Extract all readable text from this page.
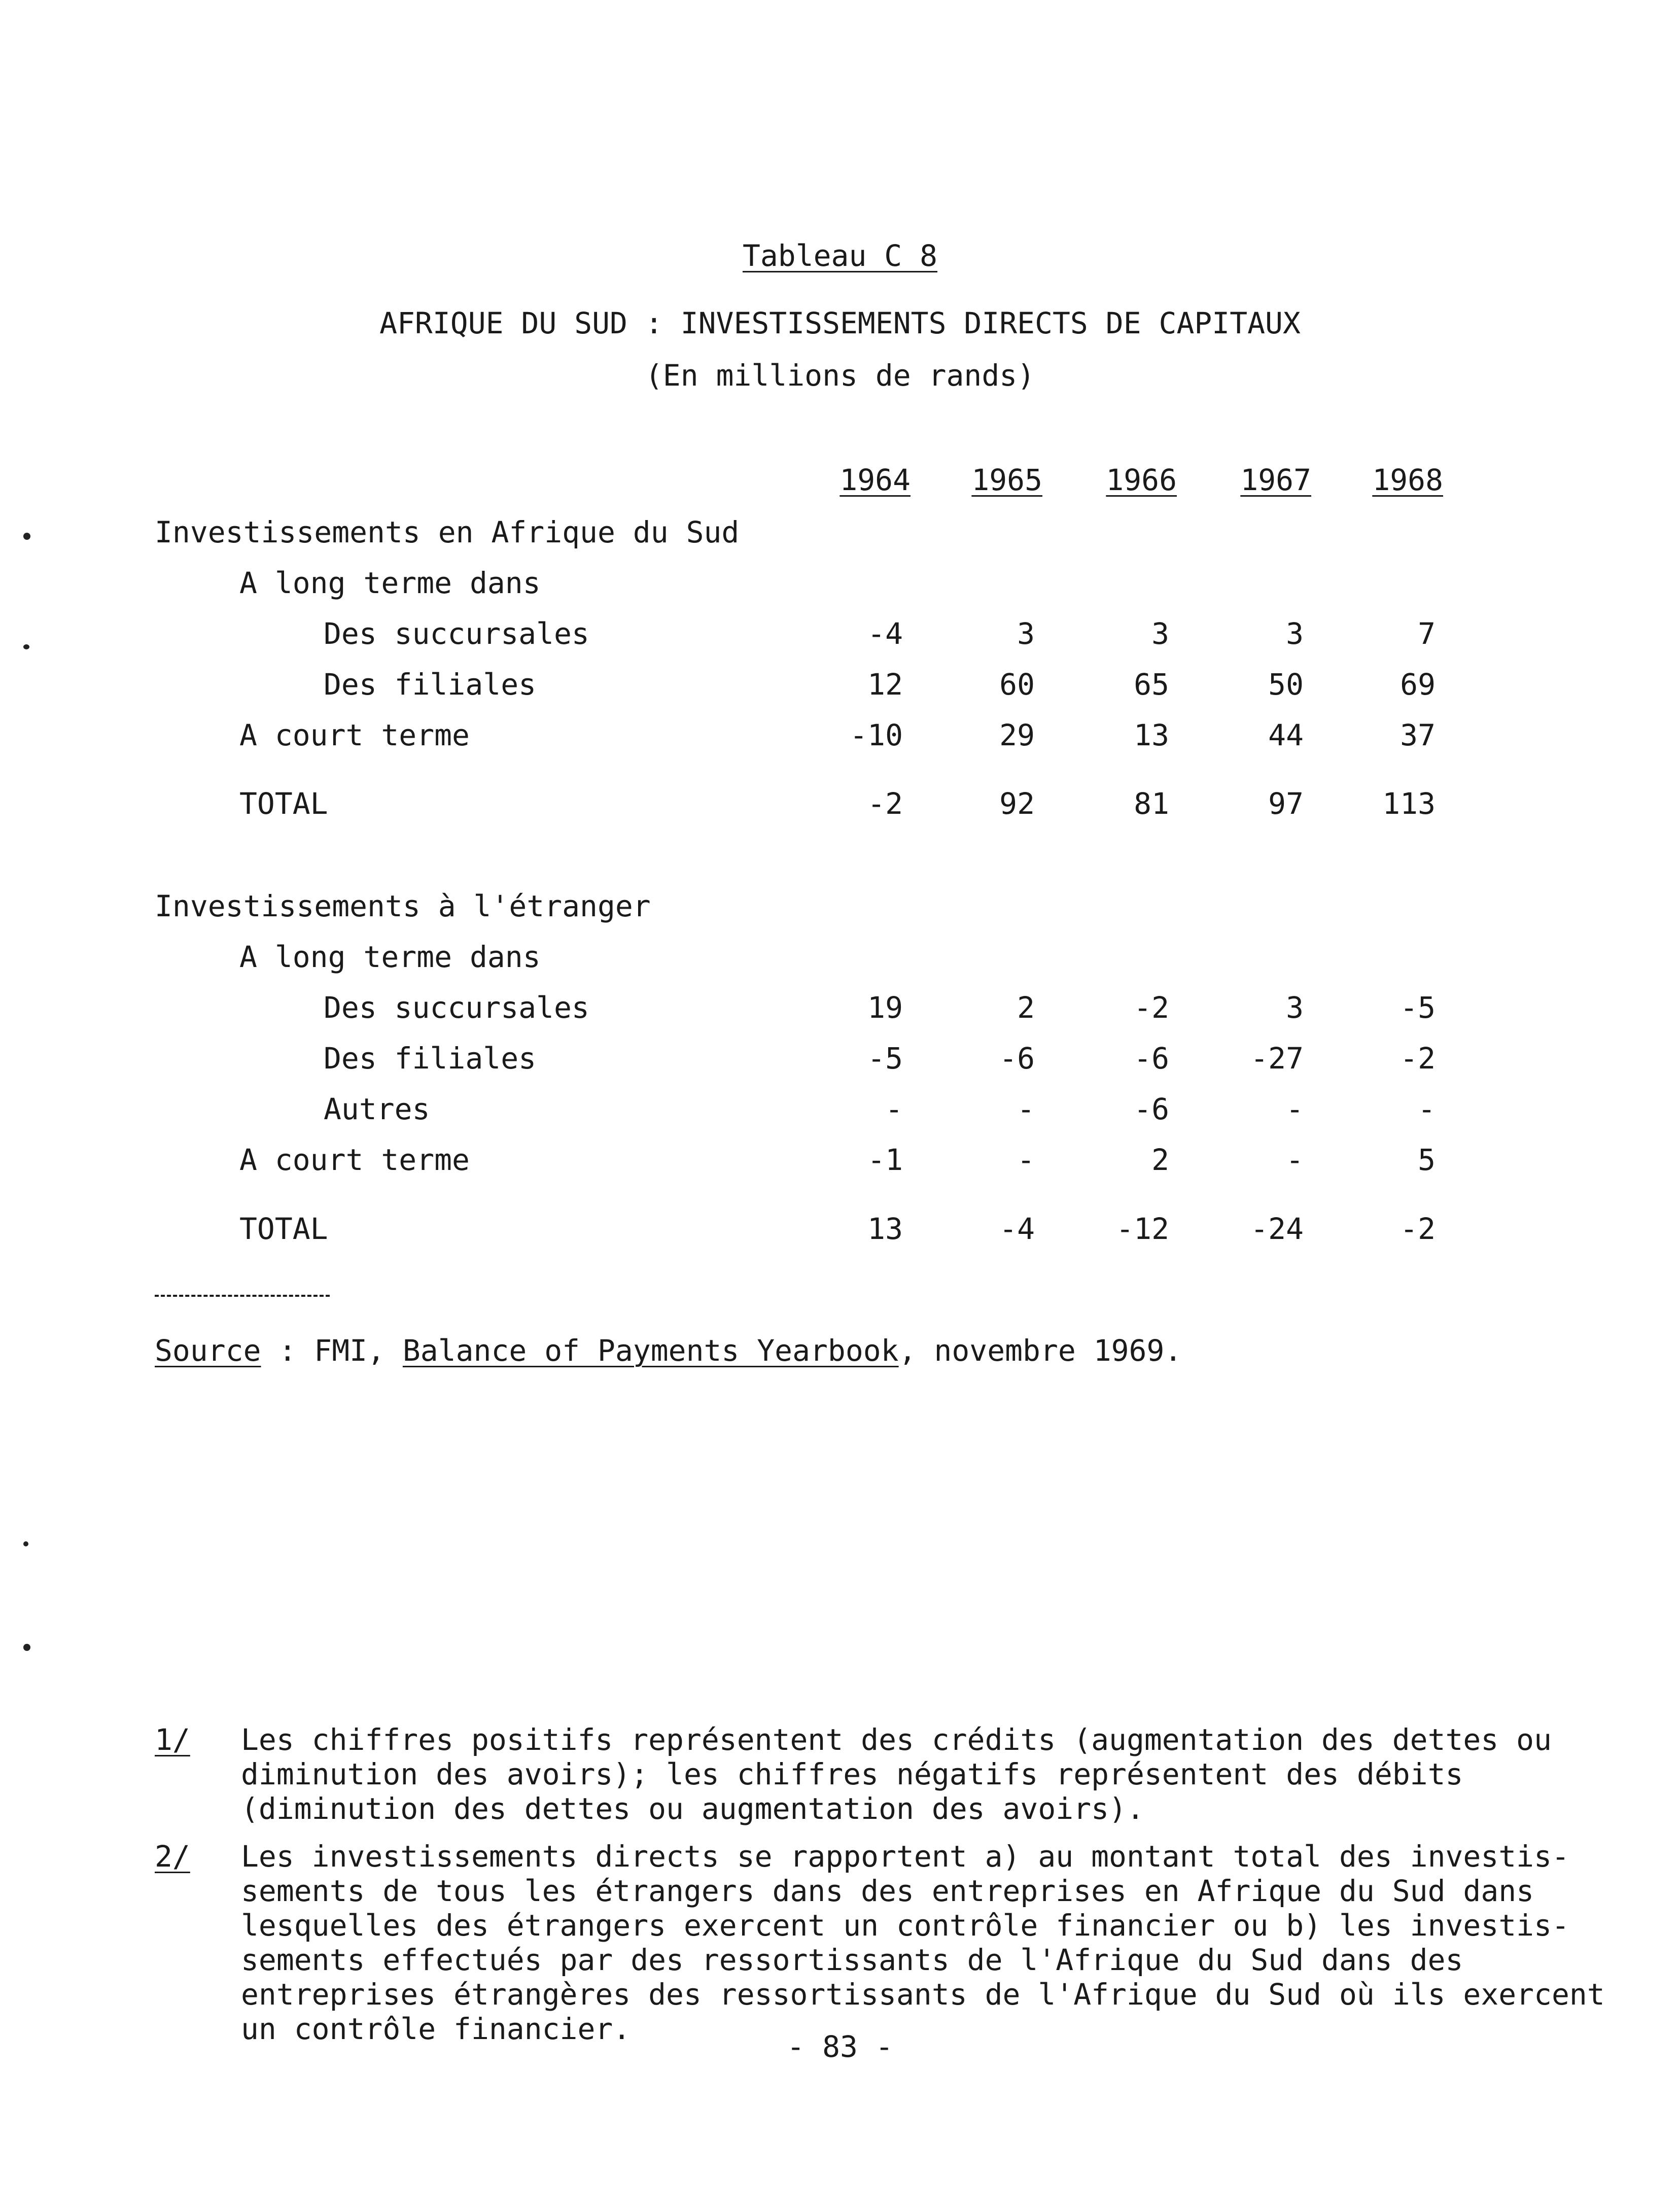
Tableau C 8
AFRIQUE DU SUD : INVESTISSEMENTS DIRECTS DE CAPITAUX
(En millions de rands)
1964	1965	1966	1967	1968
Investissements en Afrique du Sud
A long terme dans
Des succursales	-4	3	3	3	7
Des filiales	12	60	65	50	69
A court terme	-10	29	13	44	37
TOTAL	-2	92	81	97	113
Investissements à l'étranger
A long terme dans
Des succursales	19	2	-2	3	-5
Des filiales	-5	-6	-6	-27	-2
Autres	-	-	-6	-	-
A court terme	-1	-	2	-	5
TOTAL	13	-4	-12	-24	-2
Source : FMI, Balance of Payments Yearbook, novembre 1969.
1/ Les chiffres positifs représentent des crédits (augmentation des dettes ou
diminution des avoirs); les chiffres négatifs représentent des débits
(diminution des dettes ou augmentation des avoirs).
2/ Les investissements directs se rapportent a) au montant total des investis-
sements de tous les étrangers dans des entreprises en Afrique du Sud dans
lesquelles des étrangers exercent un contrôle financier ou b) les investis-
sements effectués par des ressortissants de l'Afrique du Sud dans des
entreprises étrangères des ressortissants de l'Afrique du Sud où ils exercent
un contrôle financier.
- 83 -
